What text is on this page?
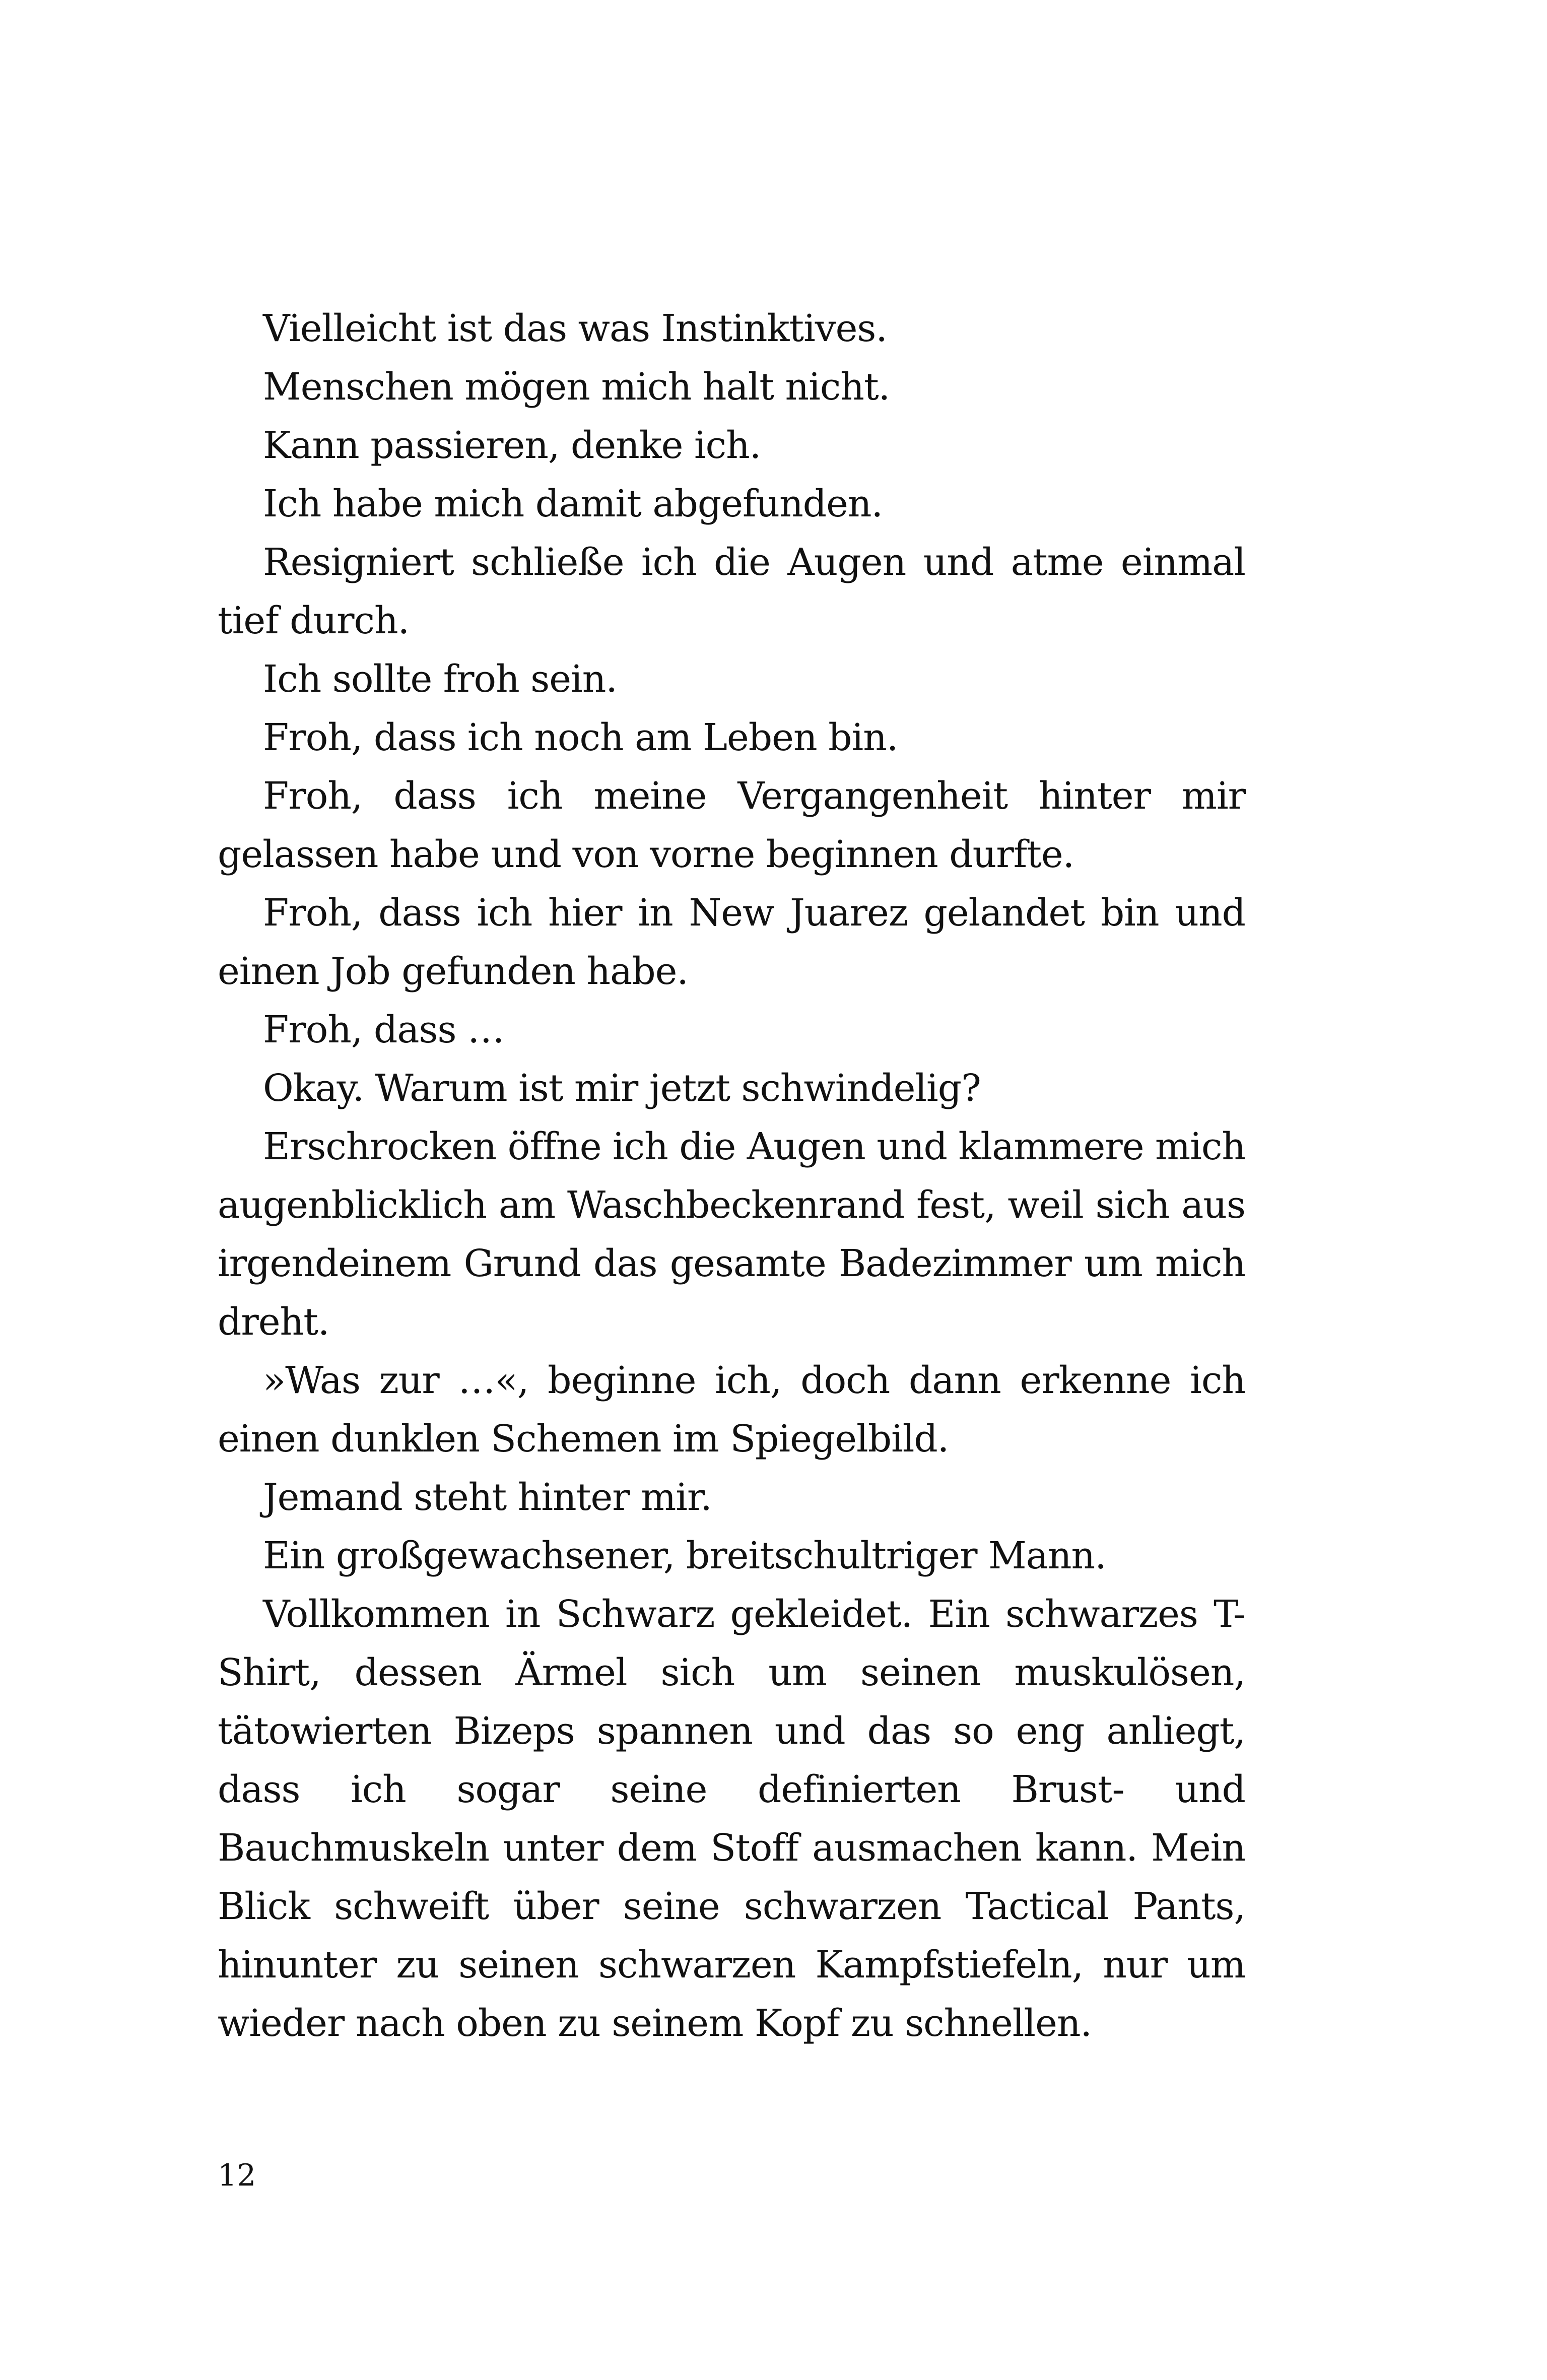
Vielleicht ist das was Instinktives.

Menschen mögen mich halt nicht.

Kann passieren, denke ich.

Ich habe mich damit abgefunden.

Resigniert schließe ich die Augen und atme einmal tief durch.

Ich sollte froh sein.

Froh, dass ich noch am Leben bin.

Froh, dass ich meine Vergangenheit hinter mir gelassen habe und von vorne beginnen durfte.

Froh, dass ich hier in New Juarez gelandet bin und einen Job gefunden habe.

Froh, dass …

Okay. Warum ist mir jetzt schwindelig?

Erschrocken öffne ich die Augen und klammere mich augenblicklich am Waschbeckenrand fest, weil sich aus irgendeinem Grund das gesamte Badezimmer um mich dreht.

»Was zur …«, beginne ich, doch dann erkenne ich einen dunklen Schemen im Spiegelbild.

Jemand steht hinter mir.

Ein großgewachsener, breitschultriger Mann.

Vollkommen in Schwarz gekleidet. Ein schwarzes T-Shirt, dessen Ärmel sich um seinen muskulösen, tätowierten Bizeps spannen und das so eng anliegt, dass ich sogar seine definierten Brust- und Bauchmuskeln unter dem Stoff ausmachen kann. Mein Blick schweift über seine schwarzen Tactical Pants, hinunter zu seinen schwarzen Kampfstiefeln, nur um wieder nach oben zu seinem Kopf zu schnellen.

12
